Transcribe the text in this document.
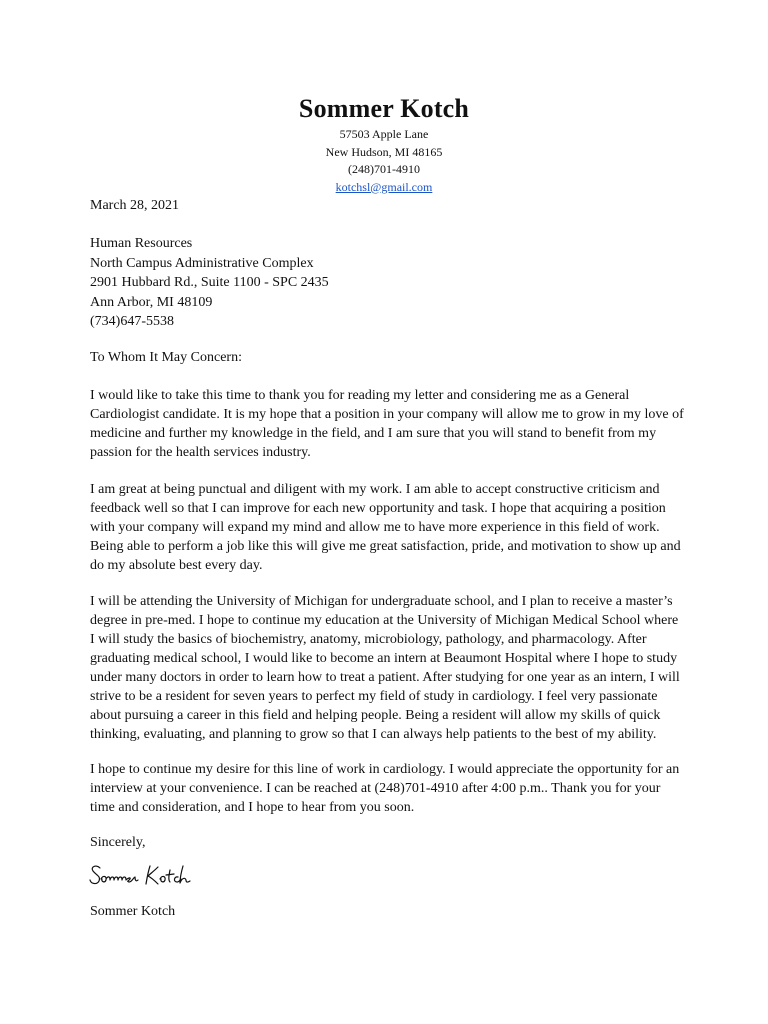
Sommer Kotch

57503 Apple Lane

New Hudson, MI 48165

(248)701-4910

kotchsl@gmail.com

March 28, 2021
Human Resources
North Campus Administrative Complex
2901 Hubbard Rd., Suite 1100 - SPC 2435
Ann Arbor, MI 48109
(734)647-5538
To Whom It May Concern:
I would like to take this time to thank you for reading my letter and considering me as a General Cardiologist candidate. It is my hope that a position in your company will allow me to grow in my love of medicine and further my knowledge in the field, and I am sure that you will stand to benefit from my passion for the health services industry.
I am great at being punctual and diligent with my work. I am able to accept constructive criticism and feedback well so that I can improve for each new opportunity and task. I hope that acquiring a position with your company will expand my mind and allow me to have more experience in this field of work. Being able to perform a job like this will give me great satisfaction, pride, and motivation to show up and do my absolute best every day.
I will be attending the University of Michigan for undergraduate school, and I plan to receive a master’s degree in pre-med. I hope to continue my education at the University of Michigan Medical School where I will study the basics of biochemistry, anatomy, microbiology, pathology, and pharmacology. After graduating medical school, I would like to become an intern at Beaumont Hospital where I hope to study under many doctors in order to learn how to treat a patient. After studying for one year as an intern, I will strive to be a resident for seven years to perfect my field of study in cardiology. I feel very passionate about pursuing a career in this field and helping people. Being a resident will allow my skills of quick thinking, evaluating, and planning to grow so that I can always help patients to the best of my ability.
I hope to continue my desire for this line of work in cardiology. I would appreciate the opportunity for an interview at your convenience. I can be reached at (248)701-4910 after 4:00 p.m.. Thank you for your time and consideration, and I hope to hear from you soon.
Sincerely,
Sommer Kotch
